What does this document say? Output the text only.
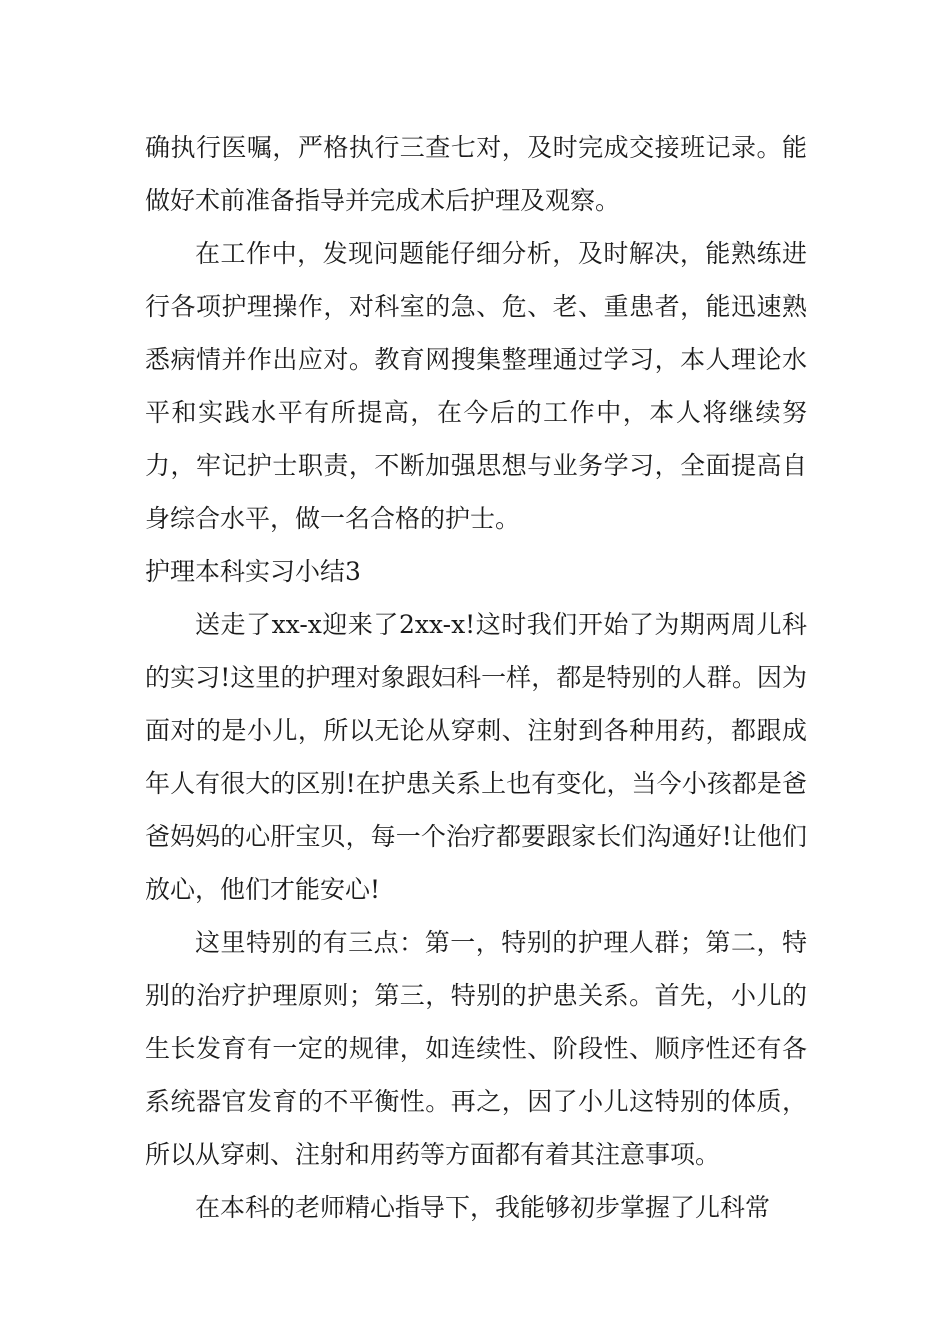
确执行医嘱，严格执行三查七对，及时完成交接班记录。能做好术前准备指导并完成术后护理及观察。

在工作中，发现问题能仔细分析，及时解决，能熟练进行各项护理操作，对科室的急、危、老、重患者，能迅速熟悉病情并作出应对。教育网搜集整理通过学习，本人理论水平和实践水平有所提高，在今后的工作中，本人将继续努力，牢记护士职责，不断加强思想与业务学习，全面提高自身综合水平，做一名合格的护士。

护理本科实习小结3

送走了xx-x迎来了2xx-x!这时我们开始了为期两周儿科的实习!这里的护理对象跟妇科一样，都是特别的人群。因为面对的是小儿，所以无论从穿刺、注射到各种用药，都跟成年人有很大的区别!在护患关系上也有变化，当今小孩都是爸爸妈妈的心肝宝贝，每一个治疗都要跟家长们沟通好!让他们放心，他们才能安心!

这里特别的有三点：第一，特别的护理人群；第二，特别的治疗护理原则；第三，特别的护患关系。首先，小儿的生长发育有一定的规律，如连续性、阶段性、顺序性还有各系统器官发育的不平衡性。再之，因了小儿这特别的体质，所以从穿刺、注射和用药等方面都有着其注意事项。

在本科的老师精心指导下，我能够初步掌握了儿科常
